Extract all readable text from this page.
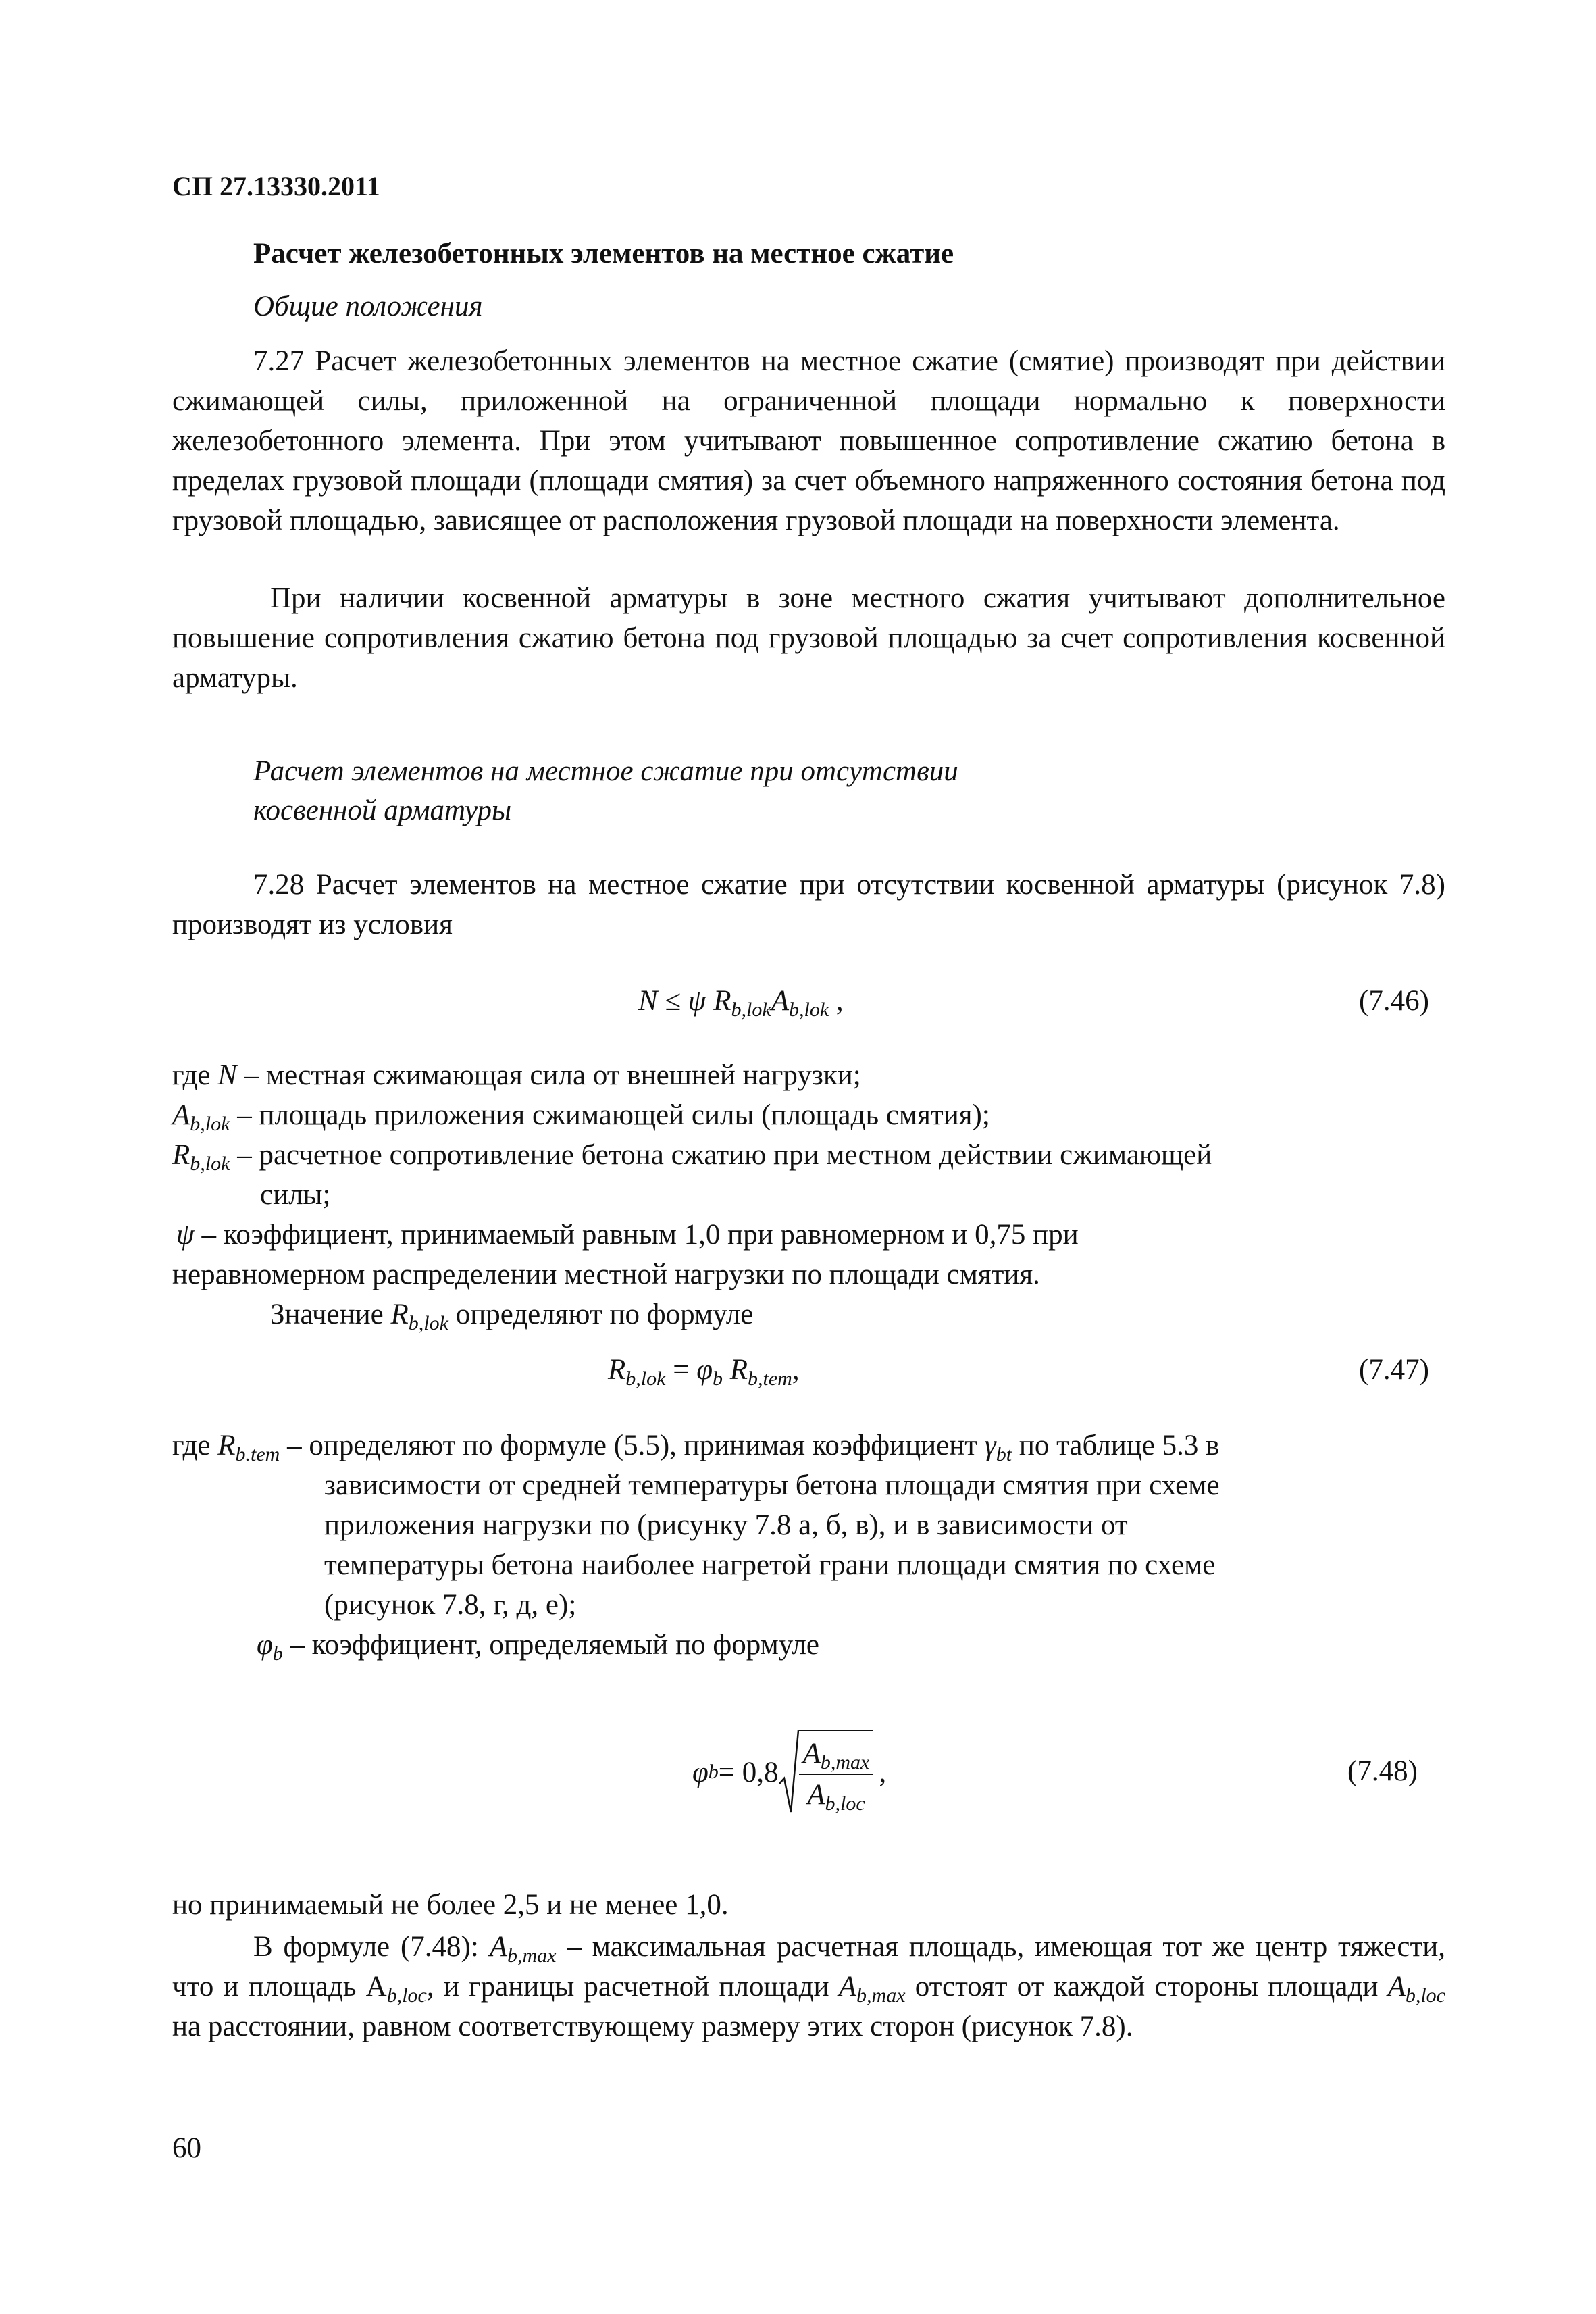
СП 27.13330.2011
Расчет железобетонных элементов на местное сжатие
Общие положения

7.27 Расчет железобетонных элементов на местное сжатие (смятие) производят при действии сжимающей силы, приложенной на ограниченной площади нормально к поверхности железобетонного элемента. При этом учитывают повышенное сопротивление сжатию бетона в пределах грузовой площади (площади смятия) за счет объемного напряженного состояния бетона под грузовой площадью, зависящее от расположения грузовой площади на поверхности элемента.

При наличии косвенной арматуры в зоне местного сжатия учитывают дополнительное повышение сопротивления сжатию бетона под грузовой площадью за счет сопротивления косвенной арматуры.

Расчет элементов на местное сжатие при отсутствии
косвенной арматуры

7.28 Расчет элементов на местное сжатие при отсутствии косвенной арматуры (рисунок 7.8) производят из условия

N ≤ ψ $R_{b,lok}A_{b,lok}$ ,	(7.46)
где N – местная сжимающая сила от внешней нагрузки;
$A_{b,lok}$ – площадь приложения сжимающей силы (площадь смятия);
$R_{b,lok}$ – расчетное сопротивление бетона сжатию при местном действии сжимающей
силы;
ψ – коэффициент, принимаемый равным 1,0 при равномерном и 0,75 при
неравномерном распределении местной нагрузки по площади смятия.
Значение $R_{b,lok}$ определяют по формуле
$R_{b,lok} = \varphi_b$ $R_{b,tem}$,	(7.47)
где $R_{b.tem}$ – определяют по формуле (5.5), принимая коэффициент $\gamma_{bt}$ по таблице 5.3 в
зависимости от средней температуры бетона площади смятия при схеме
приложения нагрузки по (рисунку 7.8 а, б, в), и в зависимости от
температуры бетона наиболее нагретой грани площади смятия по схеме
(рисунок 7.8, г, д, е);
$\varphi_b$ – коэффициент, определяемый по формуле
φ $b = 0,8 \frac{A_{b,max}}{A_{b,loc}}$ ,	(7.48)
но принимаемый не более 2,5 и не менее 1,0.

В формуле (7.48): $A_{b,max}$ – максимальная расчетная площадь, имеющая тот же центр тяжести, что и площадь $A_{b,loc}$, и границы расчетной площади $A_{b,max}$ отстоят от каждой стороны площади $A_{b,loc}$ на расстоянии, равном соответствующему размеру этих сторон (рисунок 7.8).

60
